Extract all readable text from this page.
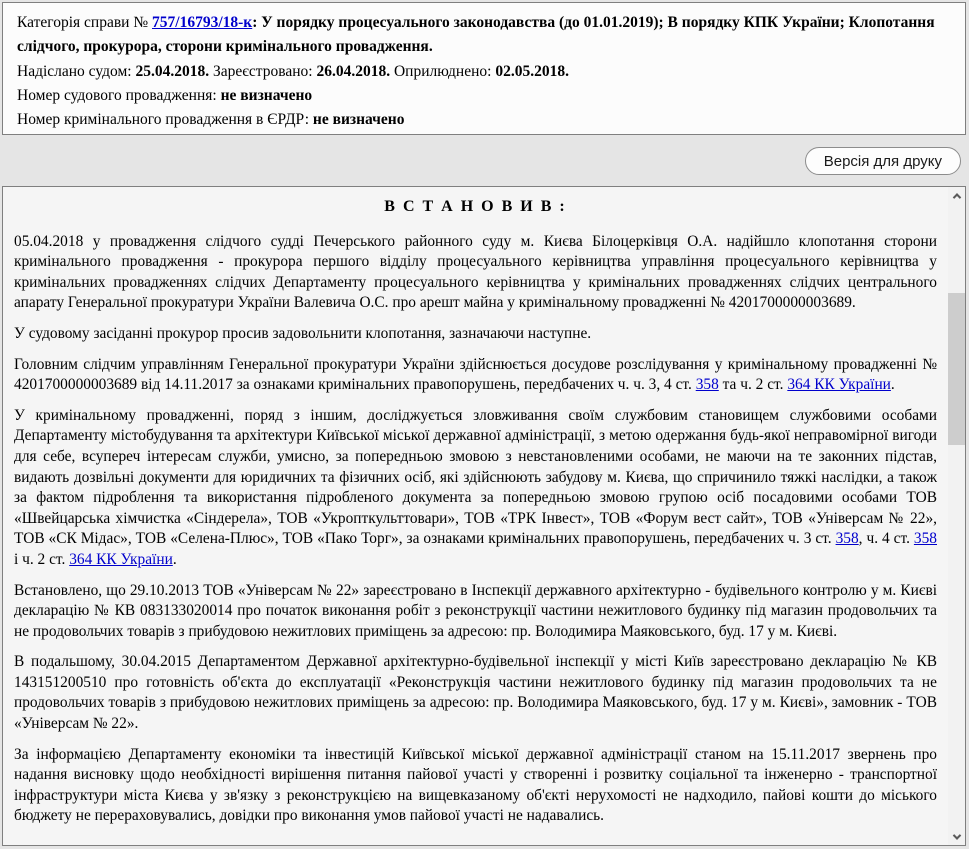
Категорія справи № 757/16793/18-к: У порядку процесуального законодавства (до 01.01.2019); В порядку КПК України; Клопотання слідчого, прокурора, сторони кримінального провадження.

Надіслано судом: 25.04.2018. Зареєстровано: 26.04.2018. Оприлюднено: 02.05.2018.

Номер судового провадження: не визначено

Номер кримінального провадження в ЄРДР: не визначено

Версія для друку

В С Т А Н О В И В :

05.04.2018 у провадження слідчого судді Печерського районного суду м. Києва Білоцерківця О.А. надійшло клопотання сторони кримінального провадження - прокурора першого відділу процесуального керівництва управління процесуального керівництва у кримінальних провадженнях слідчих Департаменту процесуального керівництва у кримінальних провадженнях слідчих центрального апарату Генеральної прокуратури України Валевича О.С. про арешт майна у кримінальному провадженні № 4201700000003689.

У судовому засіданні прокурор просив задовольнити клопотання, зазначаючи наступне.

Головним слідчим управлінням Генеральної прокуратури України здійснюється досудове розслідування у кримінальному провадженні № 4201700000003689 від 14.11.2017 за ознаками кримінальних правопорушень, передбачених ч. ч. 3, 4 ст. 358 та ч. 2 ст. 364 КК України.

У кримінальному провадженні, поряд з іншим, досліджується зловживання своїм службовим становищем службовими особами Департаменту містобудування та архітектури Київської міської державної адміністрації, з метою одержання будь-якої неправомірної вигоди для себе, всупереч інтересам служби, умисно, за попередньою змовою з невстановленими особами, не маючи на те законних підстав, видають дозвільні документи для юридичних та фізичних осіб, які здійснюють забудову м. Києва, що спричинило тяжкі наслідки, а також за фактом підроблення та використання підробленого документа за попередньою змовою групою осіб посадовими особами ТОВ «Швейцарська хімчистка «Сіндерела», ТОВ «Укропткульттовари», ТОВ «ТРК Інвест», ТОВ «Форум вест сайт», ТОВ «Універсам № 22», ТОВ «СК Мідас», ТОВ «Селена-Плюс», ТОВ «Пако Торг», за ознаками кримінальних правопорушень, передбачених ч. 3 ст. 358, ч. 4 ст. 358 і ч. 2 ст. 364 КК України.

Встановлено, що 29.10.2013 ТОВ «Універсам № 22» зареєстровано в Інспекції державного архітектурно - будівельного контролю у м. Києві декларацію № КВ 083133020014 про початок виконання робіт з реконструкції частини нежитлового будинку під магазин продовольчих та не продовольчих товарів з прибудовою нежитлових приміщень за адресою: пр. Володимира Маяковського, буд. 17 у м. Києві.

В подальшому, 30.04.2015 Департаментом Державної архітектурно-будівельної інспекції у місті Київ зареєстровано декларацію № КВ 143151200510 про готовність об'єкта до експлуатації «Реконструкція частини нежитлового будинку під магазин продовольчих та не продовольчих товарів з прибудовою нежитлових приміщень за адресою: пр. Володимира Маяковського, буд. 17 у м. Києві», замовник - ТОВ «Універсам № 22».

За інформацією Департаменту економіки та інвестицій Київської міської державної адміністрації станом на 15.11.2017 звернень про надання висновку щодо необхідності вирішення питання пайової участі у створенні і розвитку соціальної та інженерно - транспортної інфраструктури міста Києва у зв'язку з реконструкцією на вищевказаному об'єкті нерухомості не надходило, пайові кошти до міського бюджету не перераховувались, довідки про виконання умов пайової участі не надавались.
